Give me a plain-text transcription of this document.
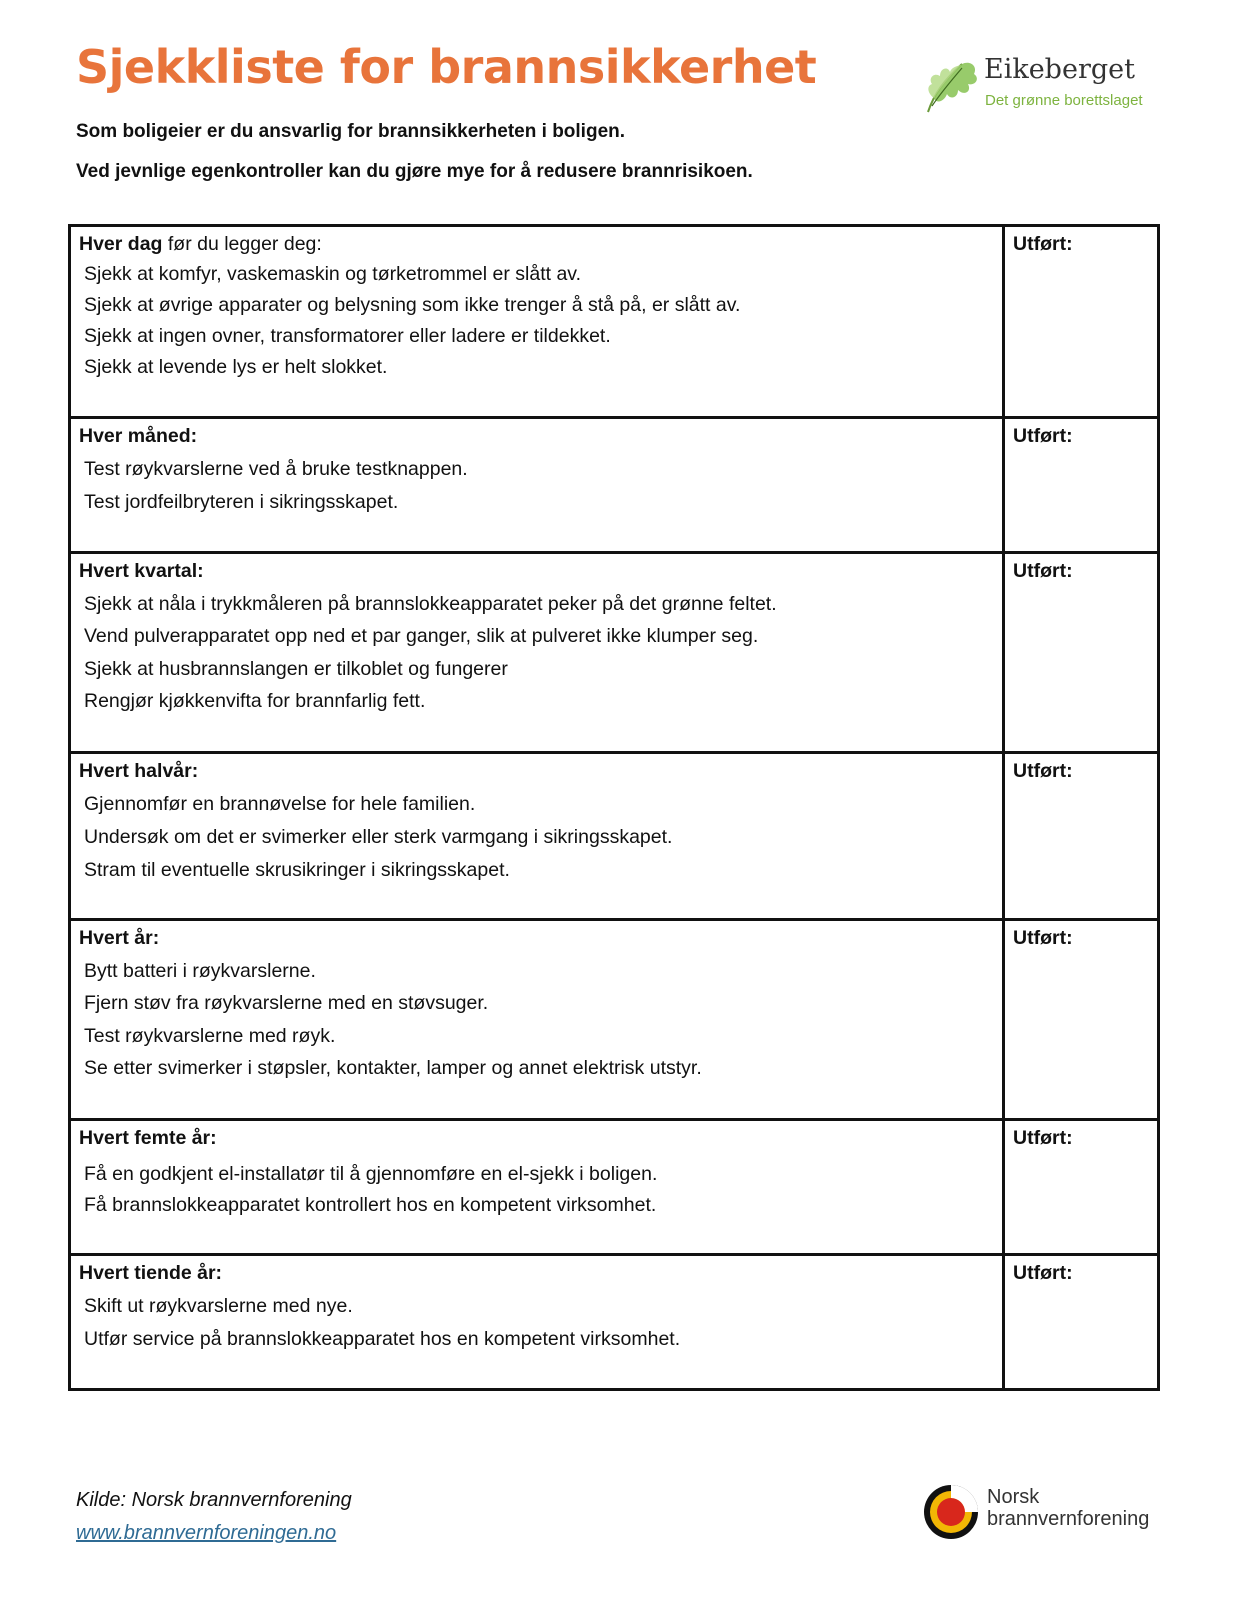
Sjekkliste for brannsikkerhet
Som boligeier er du ansvarlig for brannsikkerheten i boligen.
Ved jevnlige egenkontroller kan du gjøre mye for å redusere brannrisikoen.
Eikeberget
Det grønne borettslaget
Hver dag før du legger deg:
Sjekk at komfyr, vaskemaskin og tørketrommel er slått av.
Sjekk at øvrige apparater og belysning som ikke trenger å stå på, er slått av.
Sjekk at ingen ovner, transformatorer eller ladere er tildekket.
Sjekk at levende lys er helt slokket.	Utført:

Hver måned:
Test røykvarslerne ved å bruke testknappen.
Test jordfeilbryteren i sikringsskapet.	Utført:

Hvert kvartal:
Sjekk at nåla i trykkmåleren på brannslokkeapparatet peker på det grønne feltet.
Vend pulverapparatet opp ned et par ganger, slik at pulveret ikke klumper seg.
Sjekk at husbrannslangen er tilkoblet og fungerer
Rengjør kjøkkenvifta for brannfarlig fett.	Utført:

Hvert halvår:
Gjennomfør en brannøvelse for hele familien.
Undersøk om det er svimerker eller sterk varmgang i sikringsskapet.
Stram til eventuelle skrusikringer i sikringsskapet.	Utført:

Hvert år:
Bytt batteri i røykvarslerne.
Fjern støv fra røykvarslerne med en støvsuger.
Test røykvarslerne med røyk.
Se etter svimerker i støpsler, kontakter, lamper og annet elektrisk utstyr.	Utført:

Hvert femte år:
Få en godkjent el-installatør til å gjennomføre en el-sjekk i boligen.
Få brannslokkeapparatet kontrollert hos en kompetent virksomhet.	Utført:

Hvert tiende år:
Skift ut røykvarslerne med nye.
Utfør service på brannslokkeapparatet hos en kompetent virksomhet.	Utført:
Kilde: Norsk brannvernforening
www.brannvernforeningen.no
Norsk
brannvernforening
